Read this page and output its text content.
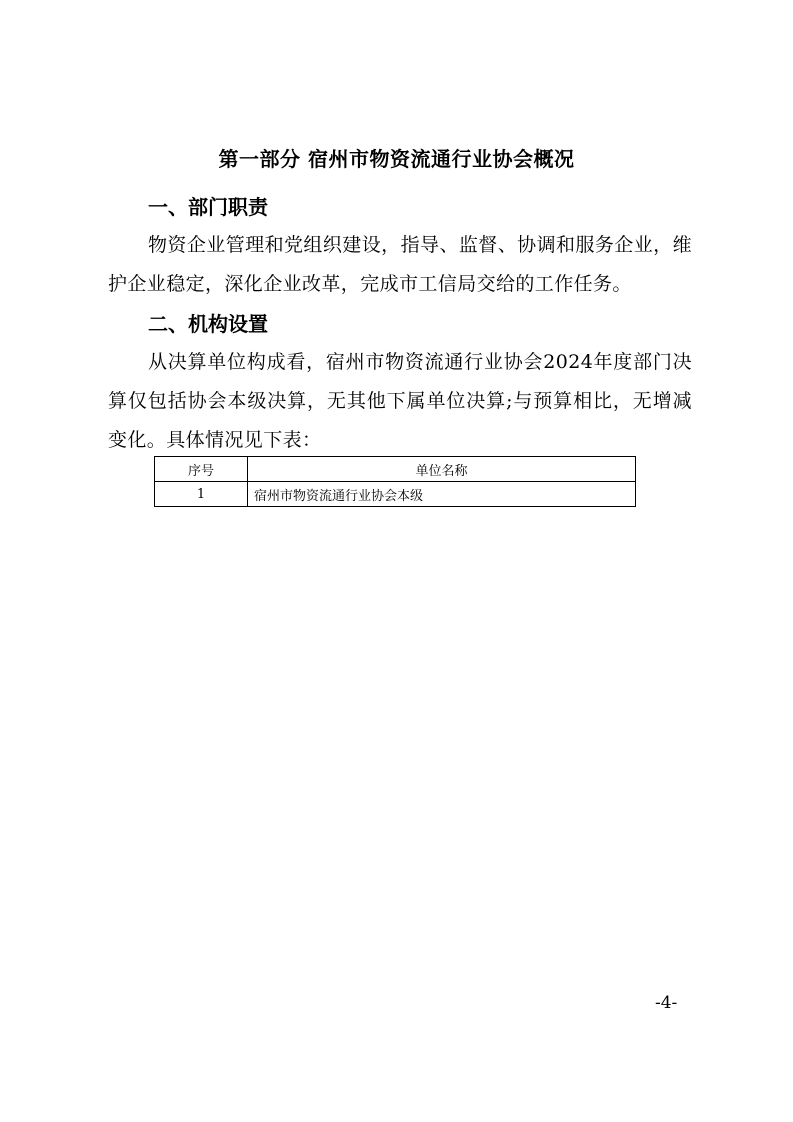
第一部分 宿州市物资流通行业协会概况
一、部门职责

物资企业管理和党组织建设，指导、监督、协调和服务企业，维护企业稳定，深化企业改革，完成市工信局交给的工作任务。

二、机构设置

从决算单位构成看，宿州市物资流通行业协会2024年度部门决算仅包括协会本级决算，无其他下属单位决算;与预算相比，无增减变化。具体情况见下表：

序号	单位名称
1	宿州市物资流通行业协会本级

-4-
